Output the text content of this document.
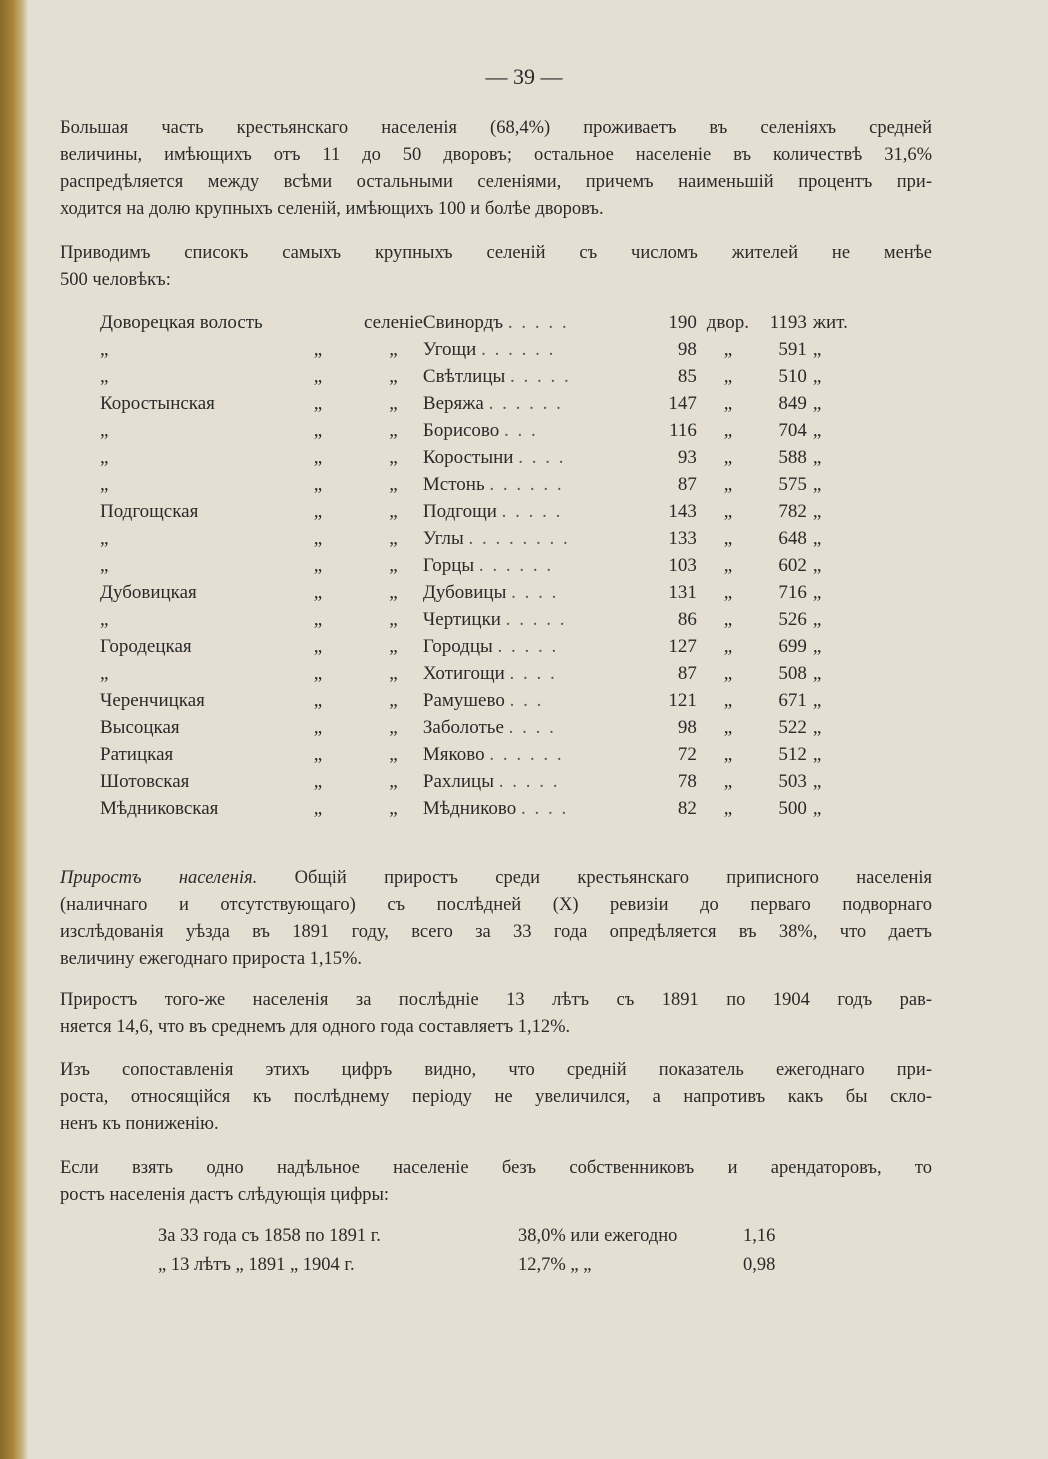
— 39 —
Большая часть крестьянскаго населенія (68,4%) проживаетъ въ селеніяхъ средней
величины, имѣющихъ отъ 11 до 50 дворовъ; остальное населеніе въ количествѣ 31,6%
распредѣляется между всѣми остальными селеніями, причемъ наименьшій процентъ при-
ходится на долю крупныхъ селеній, имѣющихъ 100 и болѣе дворовъ.
Приводимъ списокъ самыхъ крупныхъ селеній съ числомъ жителей не менѣе
500 человѣкъ:
Доворецкая волость		селеніе	Свинордъ . . . . .	190	двор.	1193	жит.
„	„	„	Угощи . . . . . .	98	„	591	„
„	„	„	Свѣтлицы . . . . .	85	„	510	„
Коростынская	„	„	Веряжа . . . . . .	147	„	849	„
„	„	„	Борисово . . .	116	„	704	„
„	„	„	Коростыни . . . .	93	„	588	„
„	„	„	Мстонь . . . . . .	87	„	575	„
Подгощская	„	„	Подгощи . . . . .	143	„	782	„
„	„	„	Углы . . . . . . . .	133	„	648	„
„	„	„	Горцы . . . . . .	103	„	602	„
Дубовицкая	„	„	Дубовицы . . . .	131	„	716	„
„	„	„	Чертицки . . . . .	86	„	526	„
Городецкая	„	„	Городцы . . . . .	127	„	699	„
„	„	„	Хотигощи . . . .	87	„	508	„
Черенчицкая	„	„	Рамушево . . .	121	„	671	„
Высоцкая	„	„	Заболотье . . . .	98	„	522	„
Ратицкая	„	„	Мяково . . . . . .	72	„	512	„
Шотовская	„	„	Рахлицы . . . . .	78	„	503	„
Мѣдниковская	„	„	Мѣдниково . . . .	82	„	500	„
Приростъ населенія. Общій приростъ среди крестьянскаго приписного населенія
(наличнаго и отсутствующаго) съ послѣдней (X) ревизіи до перваго подворнаго
изслѣдованія уѣзда въ 1891 году, всего за 33 года опредѣляется въ 38%, что даетъ
величину ежегоднаго прироста 1,15%.
Приростъ того-же населенія за послѣдніе 13 лѣтъ съ 1891 по 1904 годъ рав-
няется 14,6, что въ среднемъ для одного года составляетъ 1,12%.
Изъ сопоставленія этихъ цифръ видно, что средній показатель ежегоднаго при-
роста, относящійся къ послѣднему періоду не увеличился, а напротивъ какъ бы скло-
ненъ къ пониженію.
Если взять одно надѣльное населеніе безъ собственниковъ и арендаторовъ, то
ростъ населенія дастъ слѣдующія цифры:
За 33 года съ 1858 по 1891 г.	38,0% или ежегодно	1,16
„ 13 лѣтъ „ 1891 „ 1904 г.	12,7% „ „	0,98
